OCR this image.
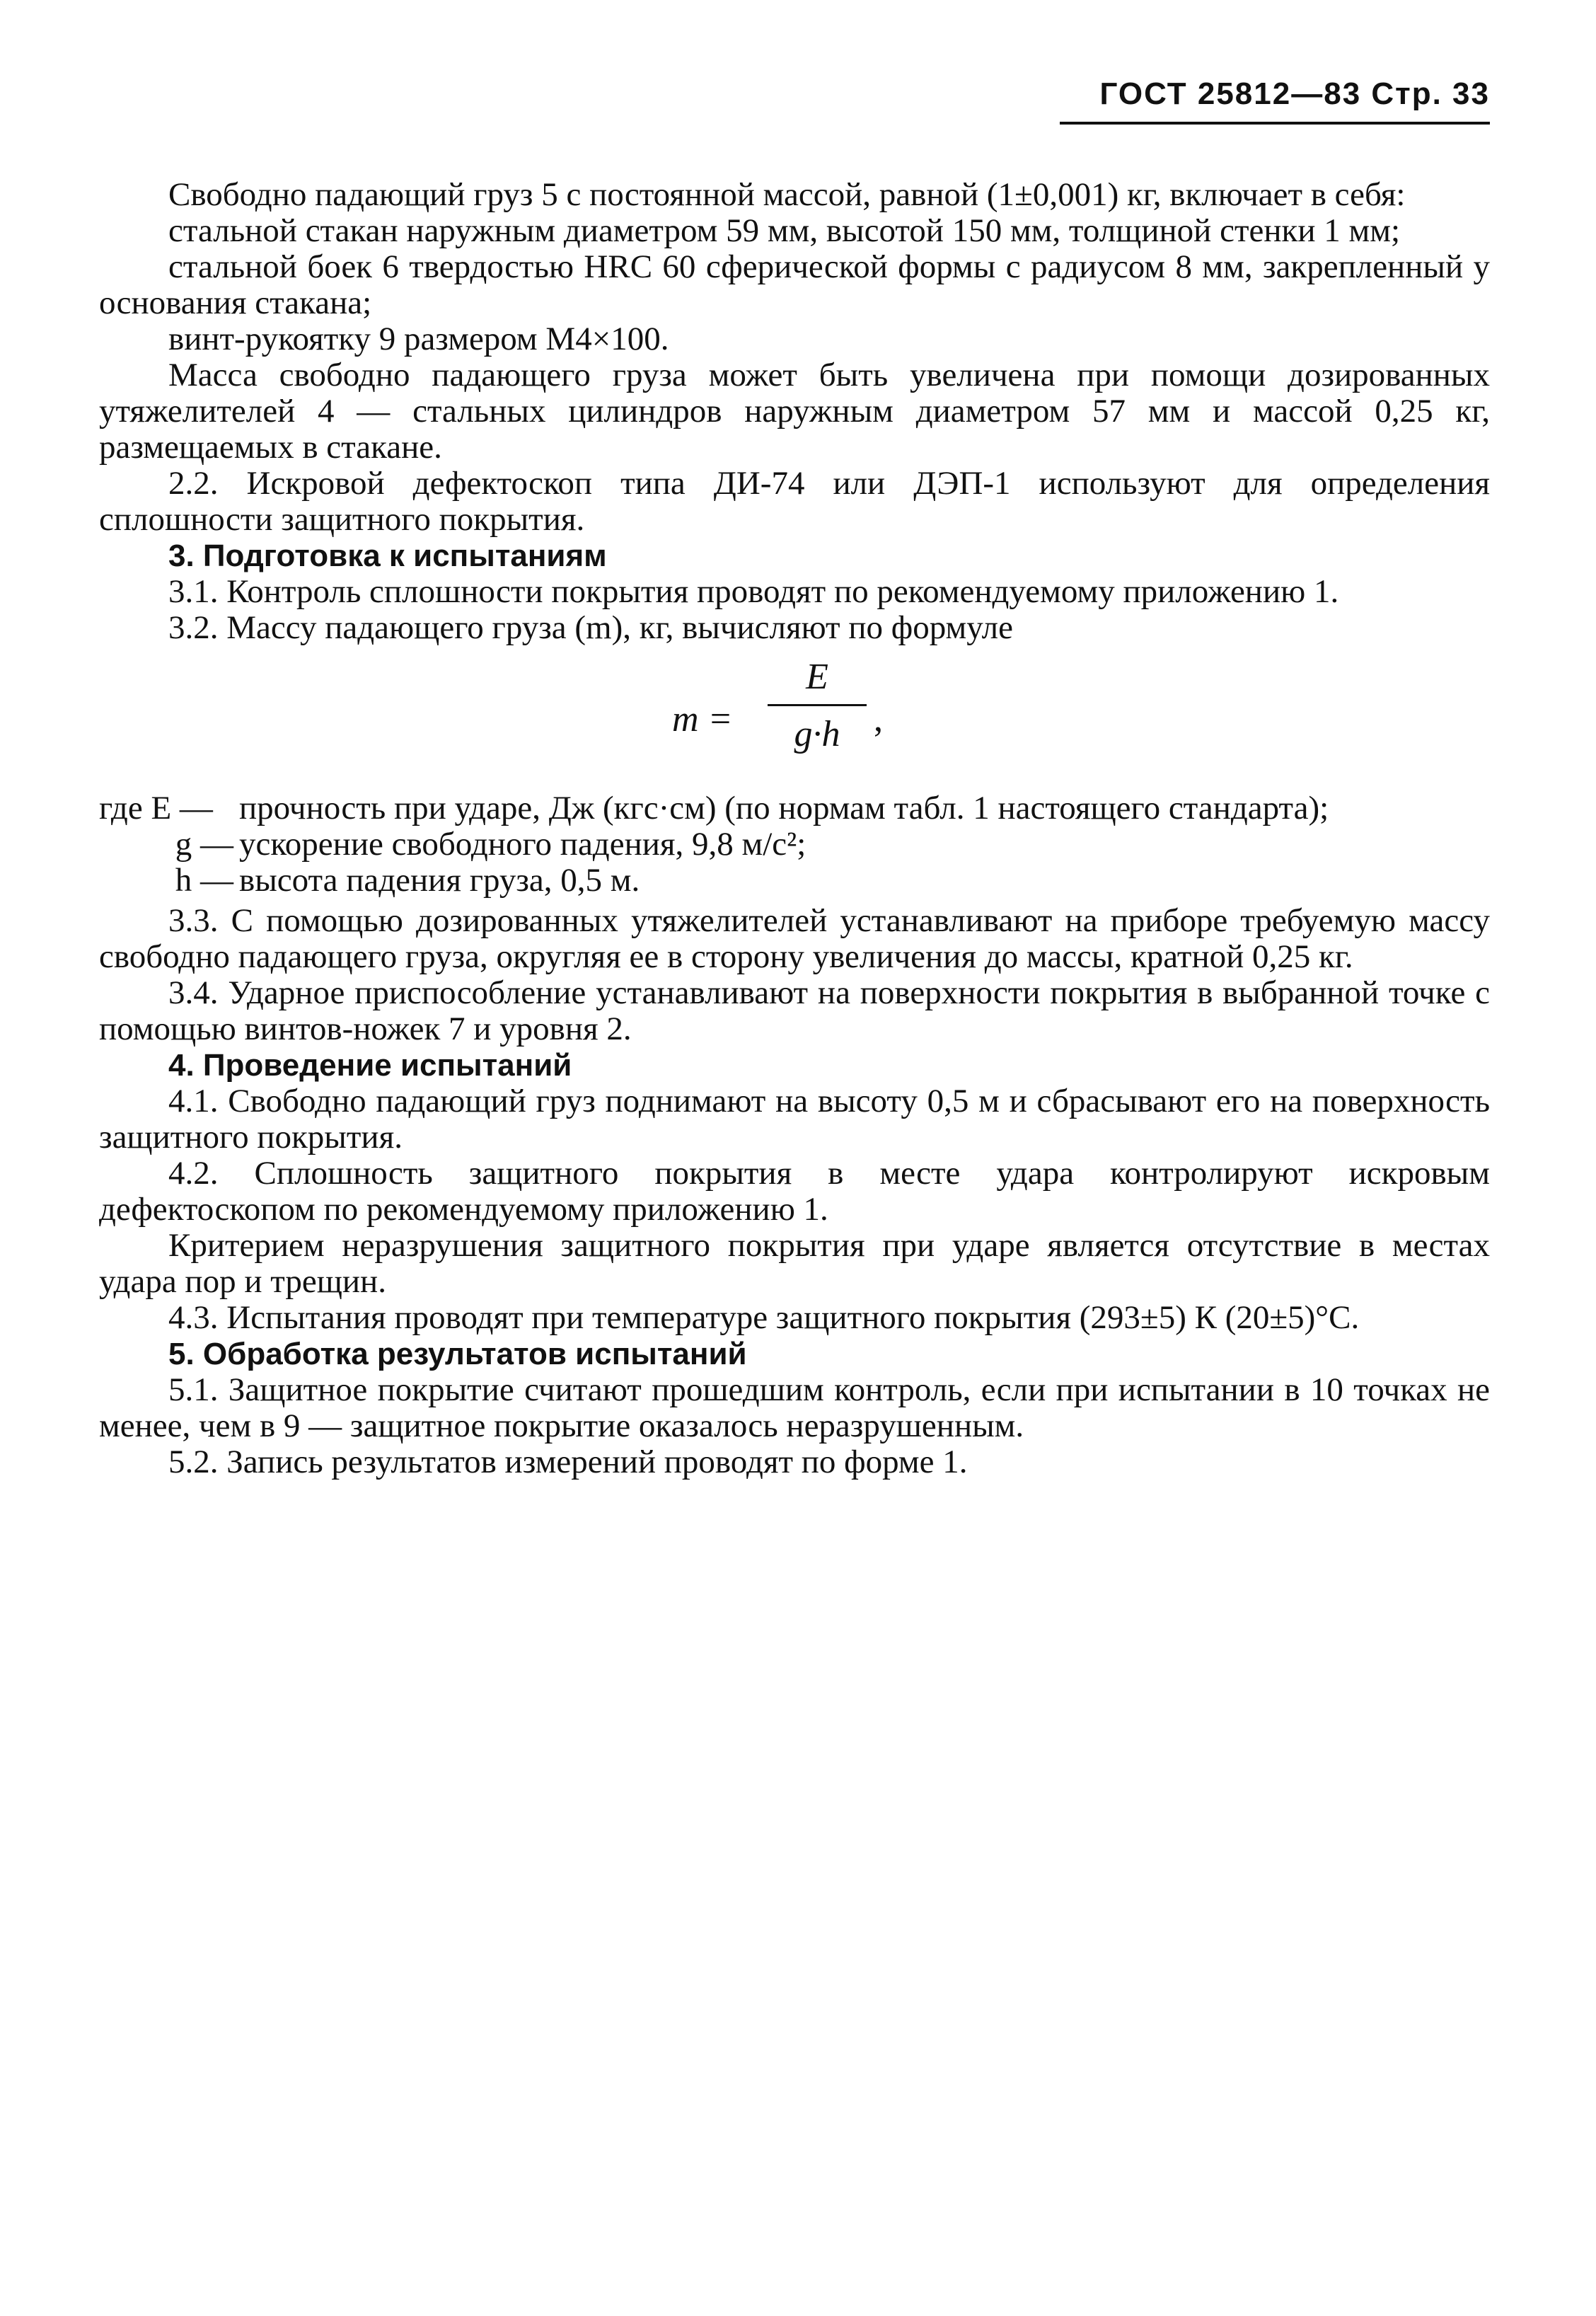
ГОСТ 25812—83 Стр. 33

Свободно падающий груз 5 с постоянной массой, равной (1±0,001) кг, включает в себя:

стальной стакан наружным диаметром 59 мм, высотой 150 мм, толщиной стенки 1 мм;

стальной боек 6 твердостью HRC 60 сферической формы с радиусом 8 мм, закрепленный у основания стакана;

винт-рукоятку 9 размером М4×100.

Масса свободно падающего груза может быть увеличена при помощи дозированных утяжелителей 4 — стальных цилиндров наружным диаметром 57 мм и массой 0,25 кг, размещаемых в стакане.

2.2. Искровой дефектоскоп типа ДИ-74 или ДЭП-1 используют для определения сплошности защитного покрытия.

3. Подготовка к испытаниям

3.1. Контроль сплошности покрытия проводят по рекомендуемому приложению 1.

3.2. Массу падающего груза (m), кг, вычисляют по формуле

m =
E
g·h ,
где E — прочность при ударе, Дж (кгс·см) (по нормам табл. 1 настоящего стандарта);
g — ускорение свободного падения, 9,8 м/с²;
h — высота падения груза, 0,5 м.

3.3. С помощью дозированных утяжелителей устанавливают на приборе требуемую массу свободно падающего груза, округляя ее в сторону увеличения до массы, кратной 0,25 кг.

3.4. Ударное приспособление устанавливают на поверхности покрытия в выбранной точке с помощью винтов-ножек 7 и уровня 2.

4. Проведение испытаний

4.1. Свободно падающий груз поднимают на высоту 0,5 м и сбрасывают его на поверхность защитного покрытия.

4.2. Сплошность защитного покрытия в месте удара контролируют искровым дефектоскопом по рекомендуемому приложению 1.

Критерием неразрушения защитного покрытия при ударе является отсутствие в местах удара пор и трещин.

4.3. Испытания проводят при температуре защитного покрытия (293±5) К (20±5)°С.

5. Обработка результатов испытаний

5.1. Защитное покрытие считают прошедшим контроль, если при испытании в 10 точках не менее, чем в 9 — защитное покрытие оказалось неразрушенным.

5.2. Запись результатов измерений проводят по форме 1.
